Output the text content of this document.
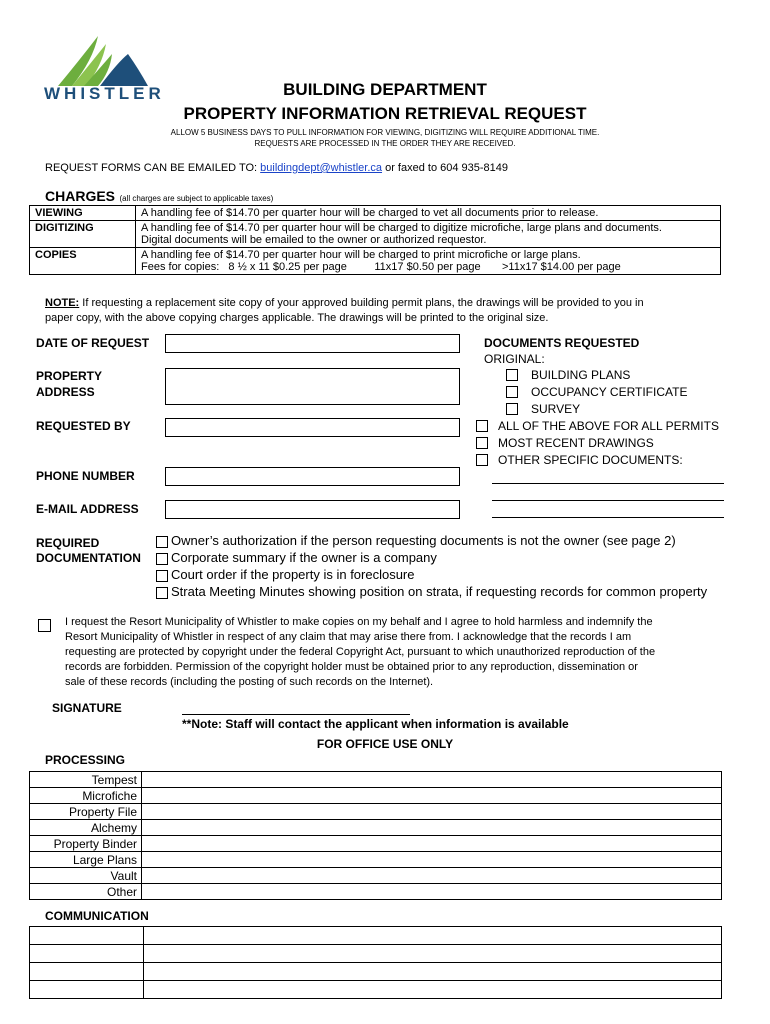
WHISTLER	BUILDING DEPARTMENT
PROPERTY INFORMATION RETRIEVAL REQUEST
ALLOW 5 BUSINESS DAYS TO PULL INFORMATION FOR VIEWING, DIGITIZING WILL REQUIRE ADDITIONAL TIME.
REQUESTS ARE PROCESSED IN THE ORDER THEY ARE RECEIVED.
REQUEST FORMS CAN BE EMAILED TO: buildingdept@whistler.ca or faxed to 604 935-8149
CHARGES (all charges are subject to applicable taxes)
VIEWING	A handling fee of $14.70 per quarter hour will be charged to vet all documents prior to release.

DIGITIZING	A handling fee of $14.70 per quarter hour will be charged to digitize microfiche, large plans and documents.
Digital documents will be emailed to the owner or authorized requestor.

COPIES	A handling fee of $14.70 per quarter hour will be charged to print microfiche or large plans.
Fees for copies:   8 ½ x 11 $0.25 per page         11x17 $0.50 per page       >11x17 $14.00 per page
NOTE: If requesting a replacement site copy of your approved building permit plans, the drawings will be provided to you in
paper copy, with the above copying charges applicable. The drawings will be printed to the original size.
DATE OF REQUEST
PROPERTY
ADDRESS
REQUESTED BY
PHONE NUMBER
E-MAIL ADDRESS
DOCUMENTS REQUESTED
ORIGINAL:
BUILDING PLANS
OCCUPANCY CERTIFICATE
SURVEY
ALL OF THE ABOVE FOR ALL PERMITS
MOST RECENT DRAWINGS
OTHER SPECIFIC DOCUMENTS:
REQUIRED
DOCUMENTATION
Owner’s authorization if the person requesting documents is not the owner (see page 2)
Corporate summary if the owner is a company
Court order if the property is in foreclosure
Strata Meeting Minutes showing position on strata, if requesting records for common property
I request the Resort Municipality of Whistler to make copies on my behalf and I agree to hold harmless and indemnify the
Resort Municipality of Whistler in respect of any claim that may arise there from. I acknowledge that the records I am
requesting are protected by copyright under the federal Copyright Act, pursuant to which unauthorized reproduction of the
records are forbidden. Permission of the copyright holder must be obtained prior to any reproduction, dissemination or
sale of these records (including the posting of such records on the Internet).
SIGNATURE
**Note: Staff will contact the applicant when information is available
FOR OFFICE USE ONLY
PROCESSING
Tempest	
Microfiche	
Property File	
Alchemy	
Property Binder	
Large Plans	
Vault	
Other	
COMMUNICATION
